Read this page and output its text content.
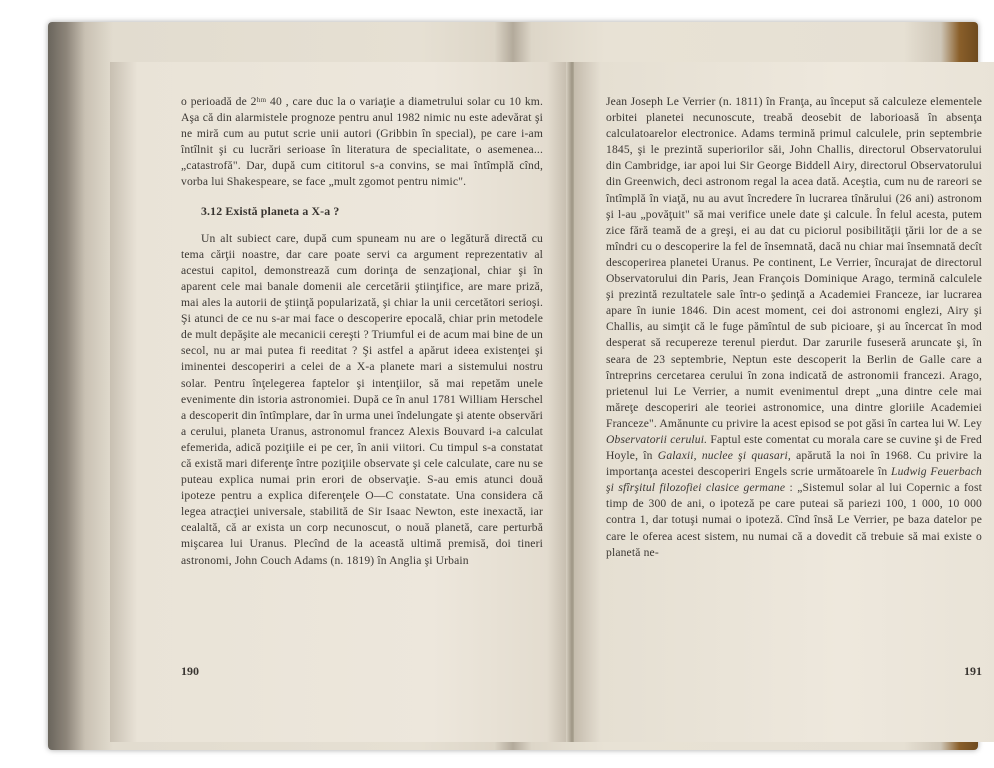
o perioadă de 2ʰᵐ 40 , care duc la o variaţie a diametrului solar cu 10 km. Aşa că din alarmistele prognoze pentru anul 1982 nimic nu este adevărat şi ne miră cum au putut scrie unii autori (Gribbin în special), pe care i-am întîlnit şi cu lucrări serioase în literatura de specialitate, o asemenea... „catastrofă". Dar, după cum cititorul s-a convins, se mai întîmplă cînd, vorba lui Shakespeare, se face „mult zgomot pentru nimic".

3.12 Există planeta a X-a ?

Un alt subiect care, după cum spuneam nu are o legătură directă cu tema cărţii noastre, dar care poate servi ca argument reprezentativ al acestui capitol, demonstrează cum dorinţa de senzaţional, chiar şi în aparent cele mai banale domenii ale cercetării ştiinţifice, are mare priză, mai ales la autorii de ştiinţă popularizată, şi chiar la unii cercetători serioşi. Şi atunci de ce nu s-ar mai face o descoperire epocală, chiar prin metodele de mult depăşite ale mecanicii cereşti ? Triumful ei de acum mai bine de un secol, nu ar mai putea fi reeditat ? Şi astfel a apărut ideea existenţei şi iminentei descoperiri a celei de a X-a planete mari a sistemului nostru solar. Pentru înţelegerea faptelor şi intenţiilor, să mai repetăm unele evenimente din istoria astronomiei. După ce în anul 1781 William Herschel a descoperit din întîmplare, dar în urma unei îndelungate şi atente observări a cerului, planeta Uranus, astronomul francez Alexis Bouvard i-a calculat efemerida, adică poziţiile ei pe cer, în anii viitori. Cu timpul s-a constatat că există mari diferenţe între poziţiile observate şi cele calculate, care nu se puteau explica numai prin erori de observaţie. S-au emis atunci două ipoteze pentru a explica diferenţele O—C constatate. Una considera că legea atracţiei universale, stabilită de Sir Isaac Newton, este inexactă, iar cealaltă, că ar exista un corp necunoscut, o nouă planetă, care perturbă mişcarea lui Uranus. Plecînd de la această ultimă premisă, doi tineri astronomi, John Couch Adams (n. 1819) în Anglia şi Urbain

190

Jean Joseph Le Verrier (n. 1811) în Franţa, au început să calculeze elementele orbitei planetei necunoscute, treabă deosebit de laborioasă în absenţa calculatoarelor electronice. Adams termină primul calculele, prin septembrie 1845, şi le prezintă superiorilor săi, John Challis, directorul Observatorului din Cambridge, iar apoi lui Sir George Biddell Airy, directorul Observatorului din Greenwich, deci astronom regal la acea dată. Aceştia, cum nu de rareori se întîmplă în viaţă, nu au avut încredere în lucrarea tînărului (26 ani) astronom şi l-au „povăţuit" să mai verifice unele date şi calcule. În felul acesta, putem zice fără teamă de a greşi, ei au dat cu piciorul posibilităţii ţării lor de a se mîndri cu o descoperire la fel de însemnată, dacă nu chiar mai însemnată decît descoperirea planetei Uranus. Pe continent, Le Verrier, încurajat de directorul Observatorului din Paris, Jean François Dominique Arago, termină calculele şi prezintă rezultatele sale într-o şedinţă a Academiei Franceze, iar lucrarea apare în iunie 1846. Din acest moment, cei doi astronomi englezi, Airy şi Challis, au simţit că le fuge pămîntul de sub picioare, şi au încercat în mod desperat să recupereze terenul pierdut. Dar zarurile fuseseră aruncate şi, în seara de 23 septembrie, Neptun este descoperit la Berlin de Galle care a întreprins cercetarea cerului în zona indicată de astronomii francezi. Arago, prietenul lui Le Verrier, a numit evenimentul drept „una dintre cele mai măreţe descoperiri ale teoriei astronomice, una dintre gloriile Academiei Franceze". Amănunte cu privire la acest episod se pot găsi în cartea lui W. Ley Observatorii cerului. Faptul este comentat cu morala care se cuvine şi de Fred Hoyle, în Galaxii, nuclee şi quasari, apărută la noi în 1968. Cu privire la importanţa acestei descoperiri Engels scrie următoarele în Ludwig Feuerbach şi sfîrşitul filozofiei clasice germane : „Sistemul solar al lui Copernic a fost timp de 300 de ani, o ipoteză pe care puteai să pariezi 100, 1 000, 10 000 contra 1, dar totuşi numai o ipoteză. Cînd însă Le Verrier, pe baza datelor pe care le oferea acest sistem, nu numai că a dovedit că trebuie să mai existe o planetă ne-

191
